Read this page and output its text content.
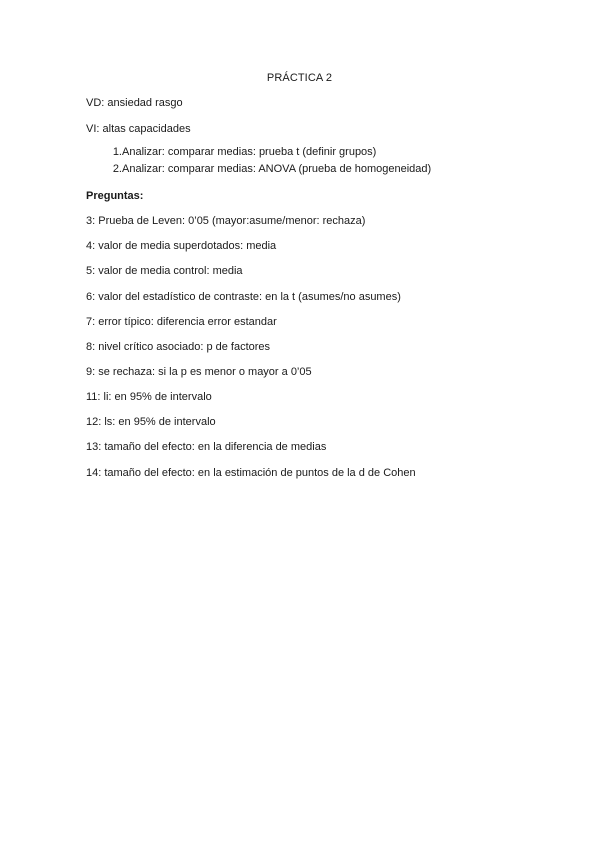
PRÁCTICA 2
VD: ansiedad rasgo
VI: altas capacidades
1. Analizar: comparar medias: prueba t (definir grupos)
2. Analizar: comparar medias: ANOVA (prueba de homogeneidad)
Preguntas:
3: Prueba de Leven: 0’05 (mayor:asume/menor: rechaza)
4: valor de media superdotados: media
5: valor de media control: media
6: valor del estadístico de contraste: en la t (asumes/no asumes)
7: error típico: diferencia error estandar
8: nivel crítico asociado: p de factores
9: se rechaza: si la p es menor o mayor a 0’05
11: li: en 95% de intervalo
12: ls: en 95% de intervalo
13: tamaño del efecto: en la diferencia de medias
14: tamaño del efecto: en la estimación de puntos de la d de Cohen
